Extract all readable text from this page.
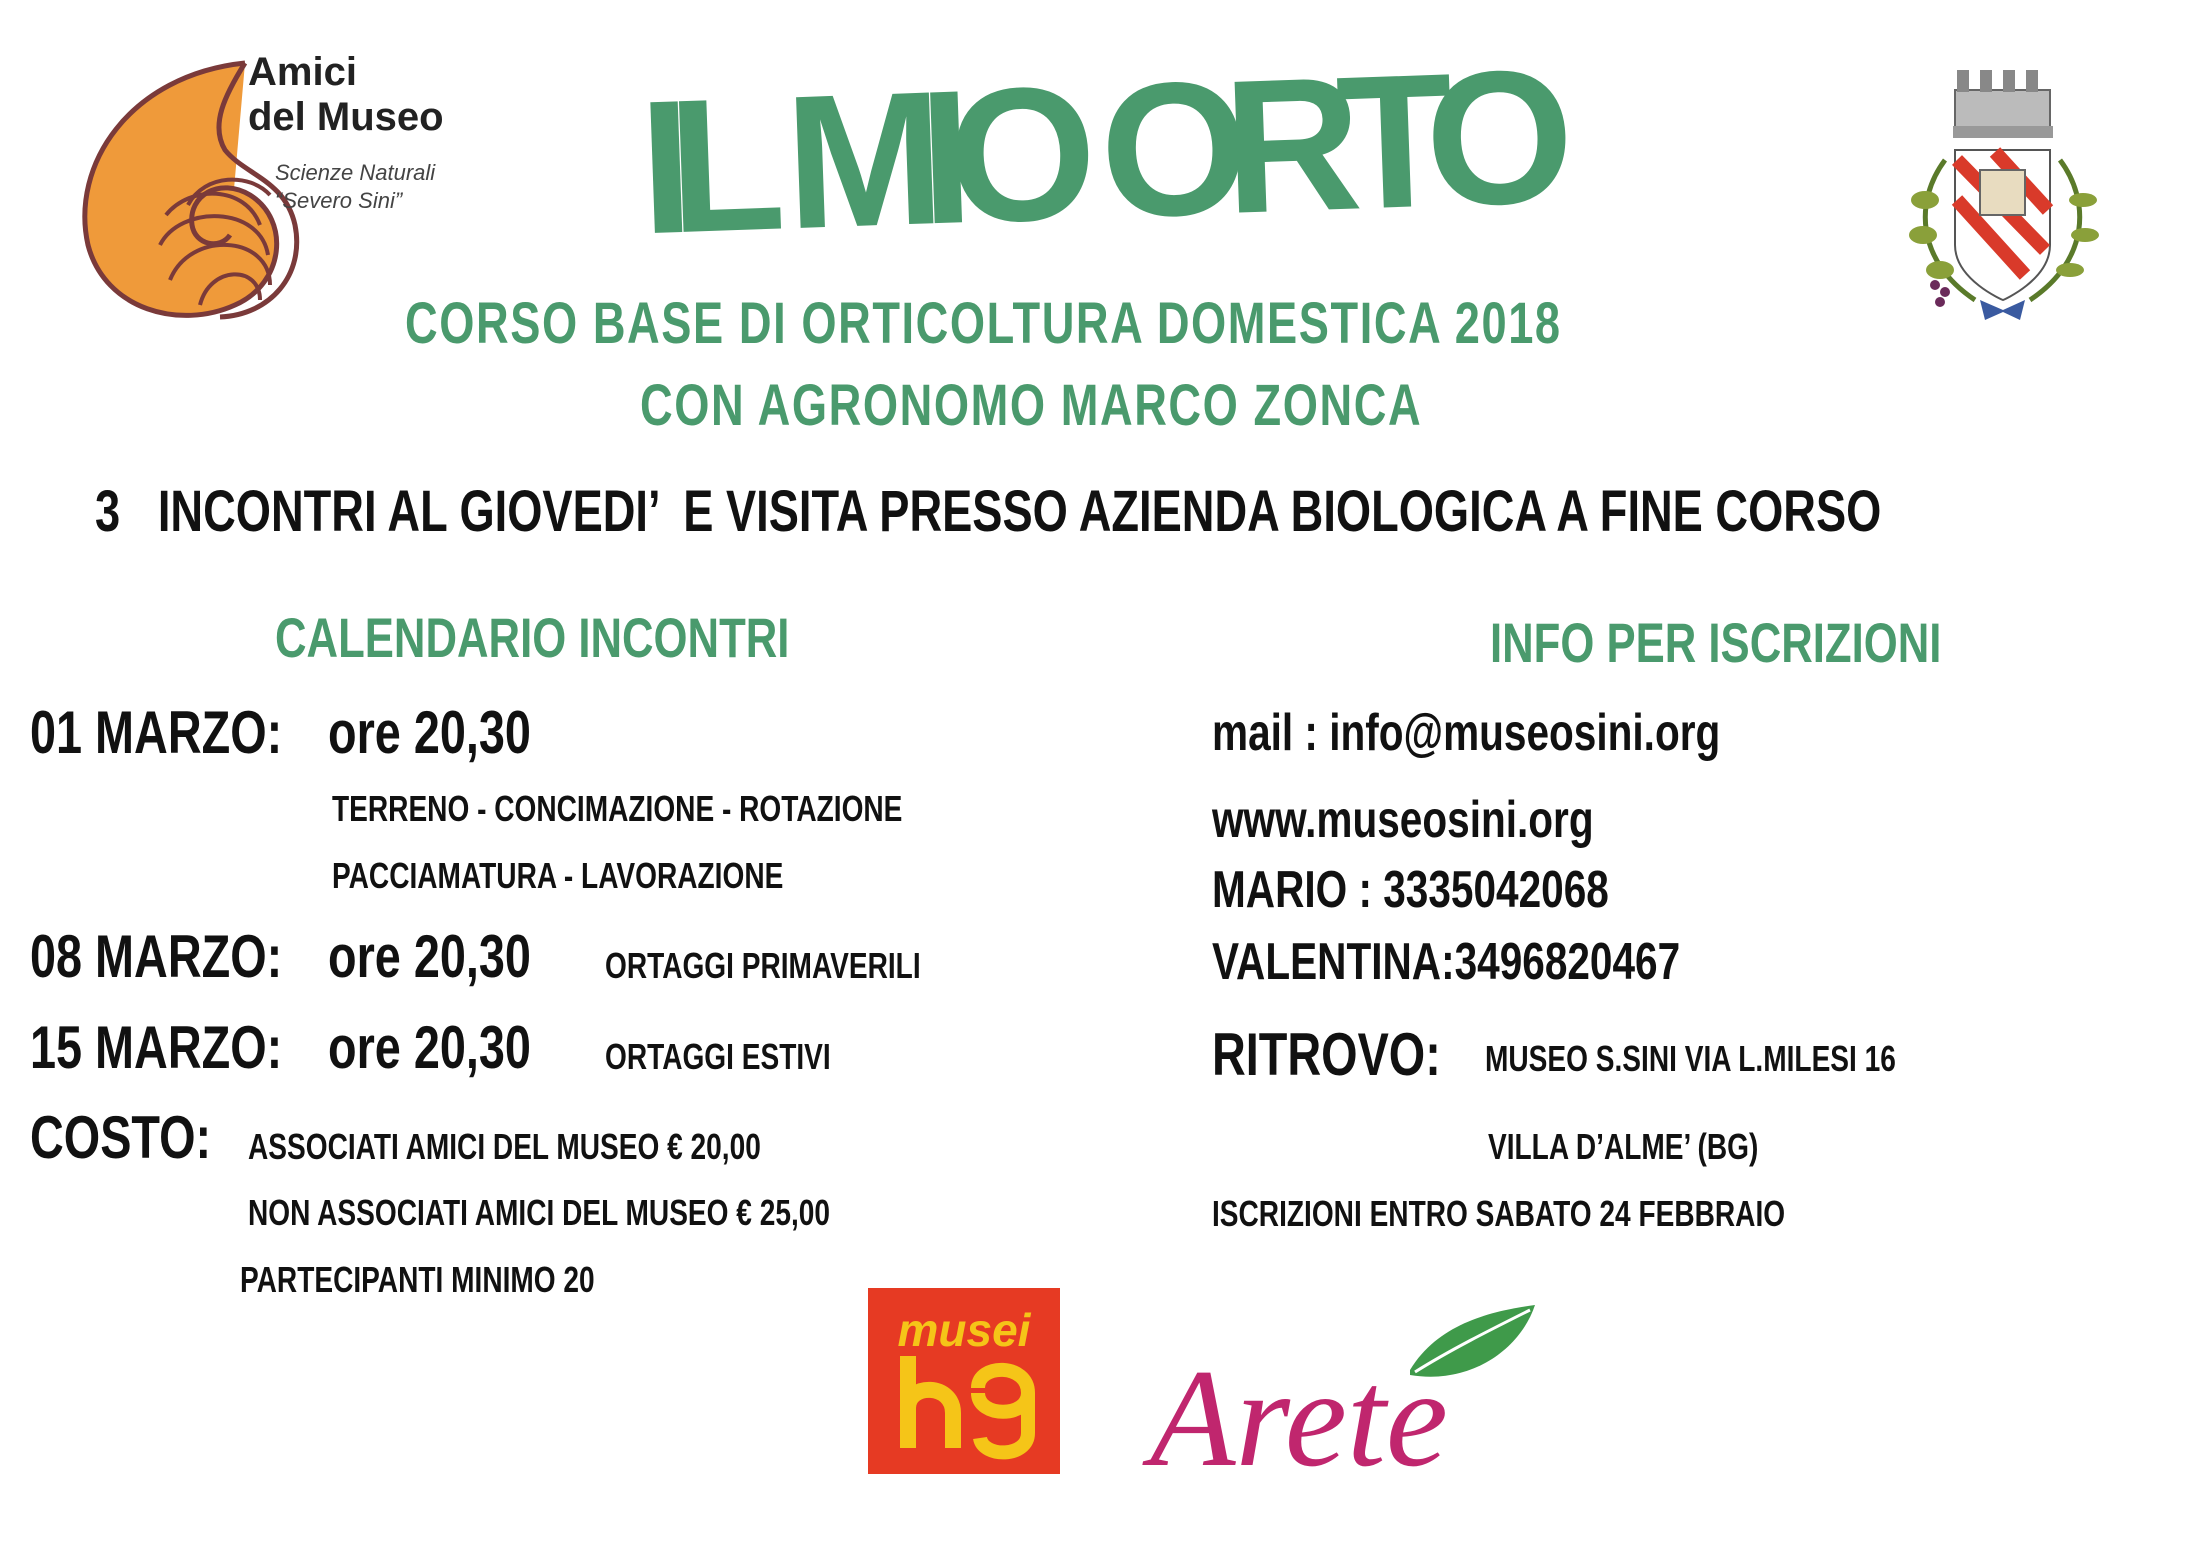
Amici
del Museo
Scienze Naturali
“Severo Sini” IL MIO ORTO
CORSO BASE DI ORTICOLTURA DOMESTICA 2018
CON AGRONOMO MARCO ZONCA
3   INCONTRI AL GIOVEDI’  E VISITA PRESSO AZIENDA BIOLOGICA A FINE CORSO
CALENDARIO INCONTRI
01 MARZO: ore 20,30
TERRENO - CONCIMAZIONE - ROTAZIONE
PACCIAMATURA - LAVORAZIONE
08 MARZO: ore 20,30 ORTAGGI PRIMAVERILI
15 MARZO: ore 20,30 ORTAGGI ESTIVI
COSTO: ASSOCIATI AMICI DEL MUSEO € 20,00
NON ASSOCIATI AMICI DEL MUSEO € 25,00
PARTECIPANTI MINIMO 20
INFO PER ISCRIZIONI
mail : info@museosini.org
www.museosini.org
MARIO : 3335042068
VALENTINA:3496820467
RITROVO: MUSEO S.SINI VIA L.MILESI 16
VILLA D’ALME’ (BG)
ISCRIZIONI ENTRO SABATO 24 FEBBRAIO
musei
Arete
